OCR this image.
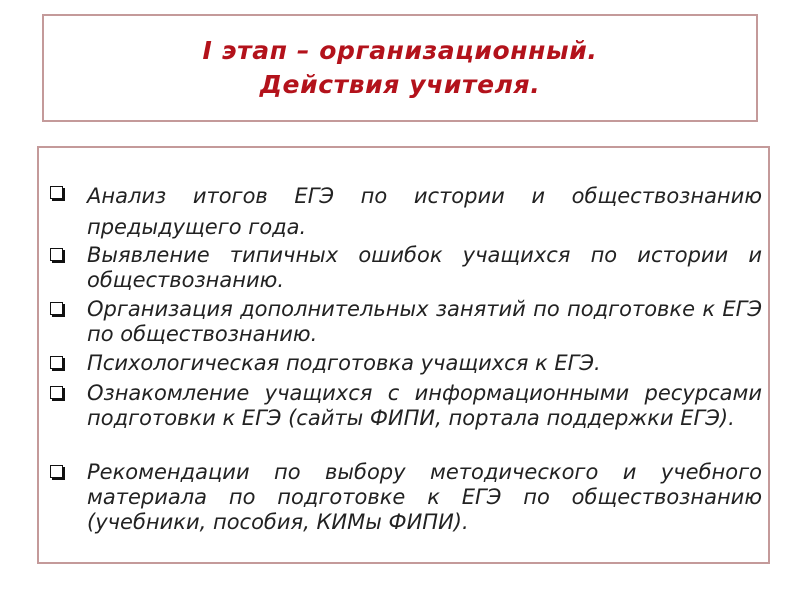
I этап – организационный.
Действия учителя.
Анализ итогов ЕГЭ по истории и обществознанию предыдущего года.
Выявление типичных ошибок учащихся по истории и обществознанию.
Организация дополнительных занятий по подготовке к ЕГЭ по обществознанию.
Психологическая подготовка учащихся к ЕГЭ.
Ознакомление учащихся с информационными ресурсами подготовки к ЕГЭ (сайты ФИПИ, портала поддержки ЕГЭ).
Рекомендации по выбору методического и учебного материала по подготовке к ЕГЭ по обществознанию (учебники, пособия, КИМы ФИПИ).
